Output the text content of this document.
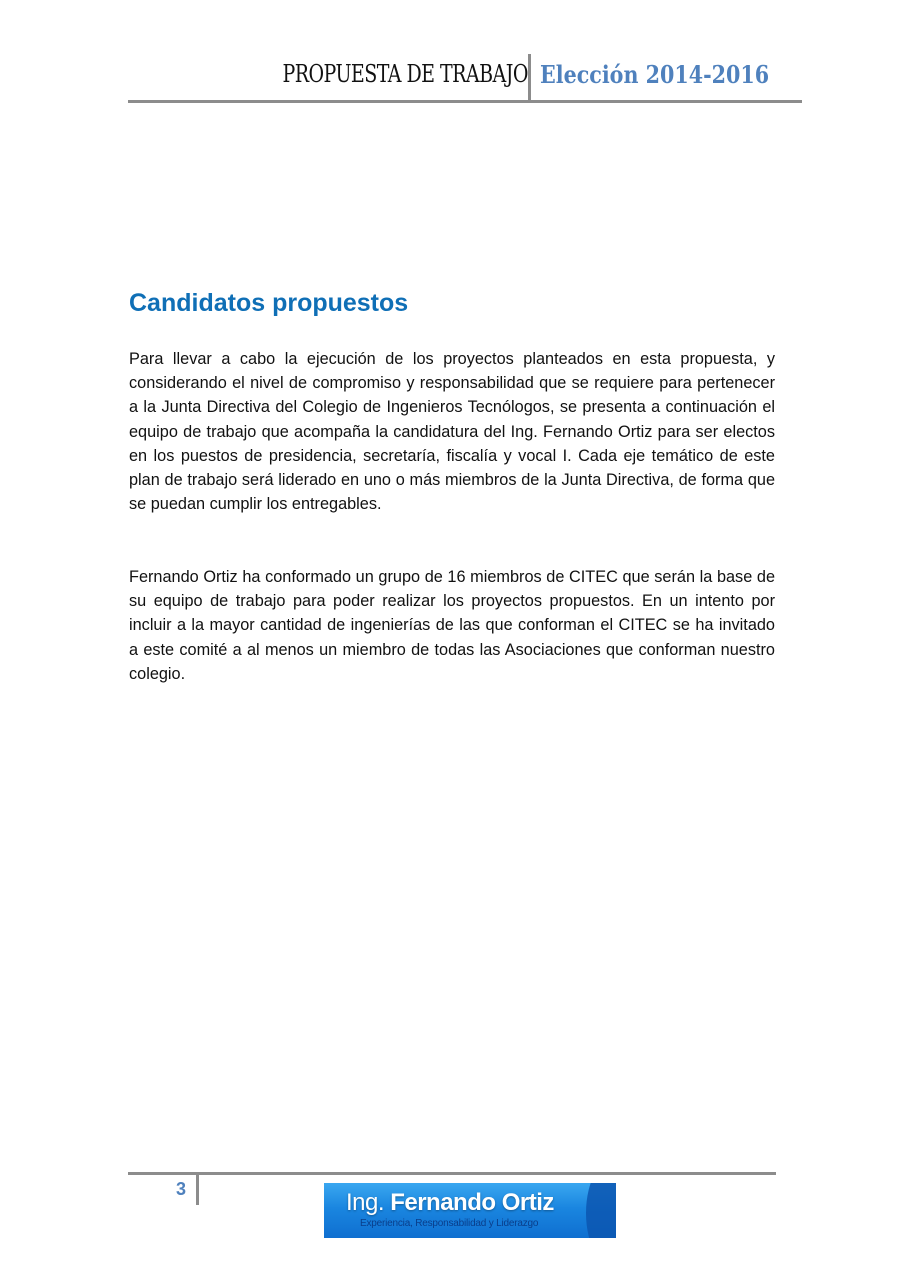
PROPUESTA DE TRABAJO Elección 2014-2016
Candidatos propuestos

Para llevar a cabo la ejecución de los proyectos planteados en esta propuesta, y considerando el nivel de compromiso y responsabilidad que se requiere para pertenecer a la Junta Directiva del Colegio de Ingenieros Tecnólogos, se presenta a continuación el equipo de trabajo que acompaña la candidatura del Ing. Fernando Ortiz para ser electos en los puestos de presidencia, secretaría, fiscalía y vocal I. Cada eje temático de este plan de trabajo será liderado en uno o más miembros de la Junta Directiva, de forma que se puedan cumplir los entregables.

Fernando Ortiz ha conformado un grupo de 16 miembros de CITEC que serán la base de su equipo de trabajo para poder realizar los proyectos propuestos. En un intento por incluir a la mayor cantidad de ingenierías de las que conforman el CITEC se ha invitado a este comité a al menos un miembro de todas las Asociaciones que conforman nuestro colegio.

3	Ing. Fernando Ortiz
Experiencia, Responsabilidad y Liderazgo
